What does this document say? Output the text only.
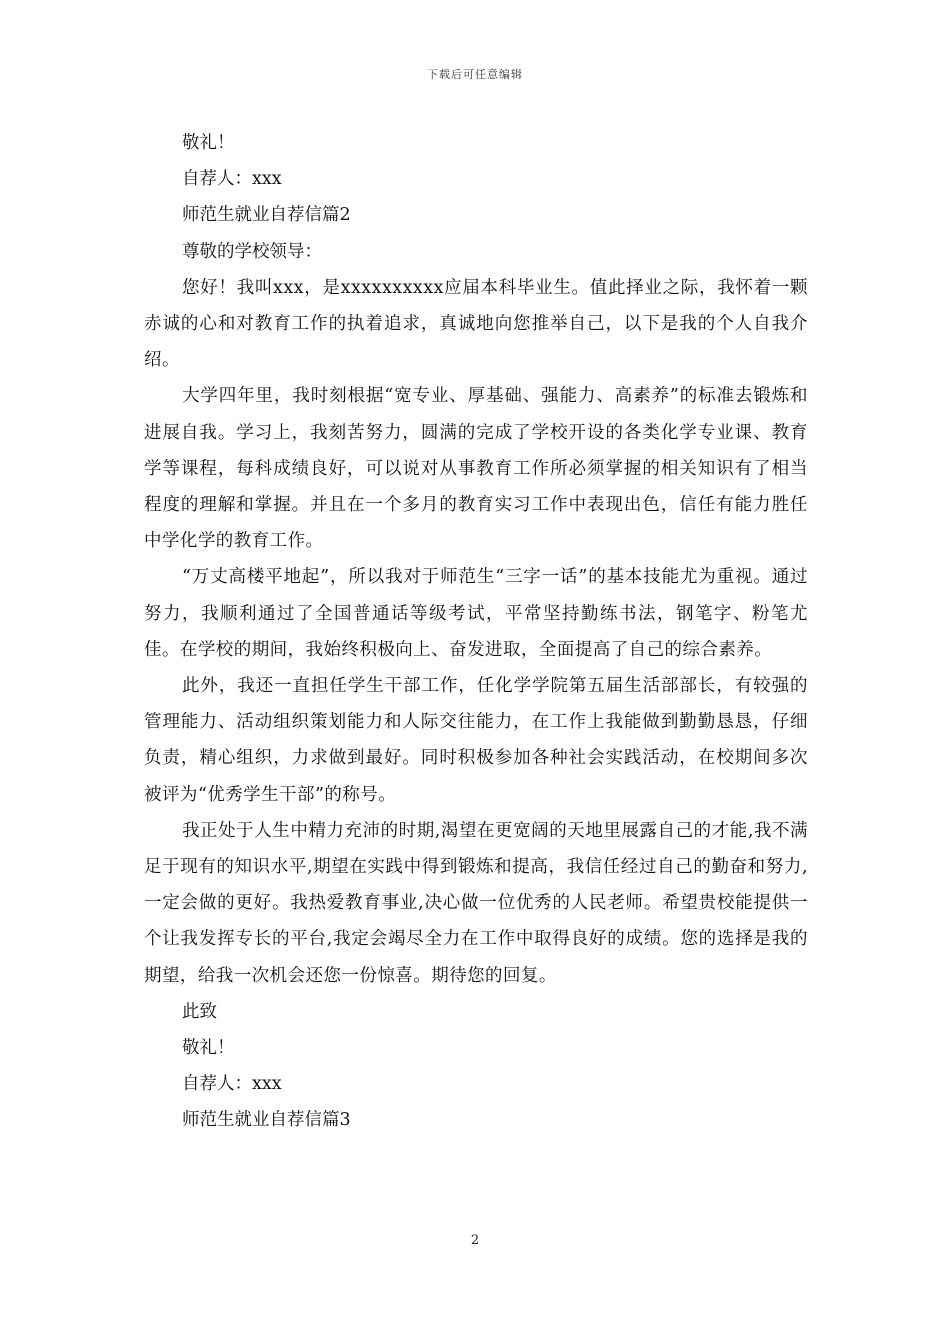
下载后可任意编辑

敬礼！

自荐人：xxx

师范生就业自荐信篇2

尊敬的学校领导：

您好！我叫xxx，是xxxxxxxxxx应届本科毕业生。值此择业之际，我怀着一颗赤诚的心和对教育工作的执着追求，真诚地向您推举自己，以下是我的个人自我介绍。

大学四年里，我时刻根据“宽专业、厚基础、强能力、高素养”的标准去锻炼和进展自我。学习上，我刻苦努力，圆满的完成了学校开设的各类化学专业课、教育学等课程，每科成绩良好，可以说对从事教育工作所必须掌握的相关知识有了相当程度的理解和掌握。并且在一个多月的教育实习工作中表现出色，信任有能力胜任中学化学的教育工作。

“万丈高楼平地起”，所以我对于师范生“三字一话”的基本技能尤为重视。通过努力，我顺利通过了全国普通话等级考试，平常坚持勤练书法，钢笔字、粉笔尤佳。在学校的期间，我始终积极向上、奋发进取，全面提高了自己的综合素养。

此外，我还一直担任学生干部工作，任化学学院第五届生活部部长，有较强的管理能力、活动组织策划能力和人际交往能力，在工作上我能做到勤勤恳恳，仔细负责，精心组织，力求做到最好。同时积极参加各种社会实践活动，在校期间多次被评为“优秀学生干部”的称号。

我正处于人生中精力充沛的时期,渴望在更宽阔的天地里展露自己的才能,我不满足于现有的知识水平,期望在实践中得到锻炼和提高，我信任经过自己的勤奋和努力,一定会做的更好。我热爱教育事业,决心做一位优秀的人民老师。希望贵校能提供一个让我发挥专长的平台,我定会竭尽全力在工作中取得良好的成绩。您的选择是我的期望，给我一次机会还您一份惊喜。期待您的回复。

此致

敬礼！

自荐人：xxx

师范生就业自荐信篇3

2
